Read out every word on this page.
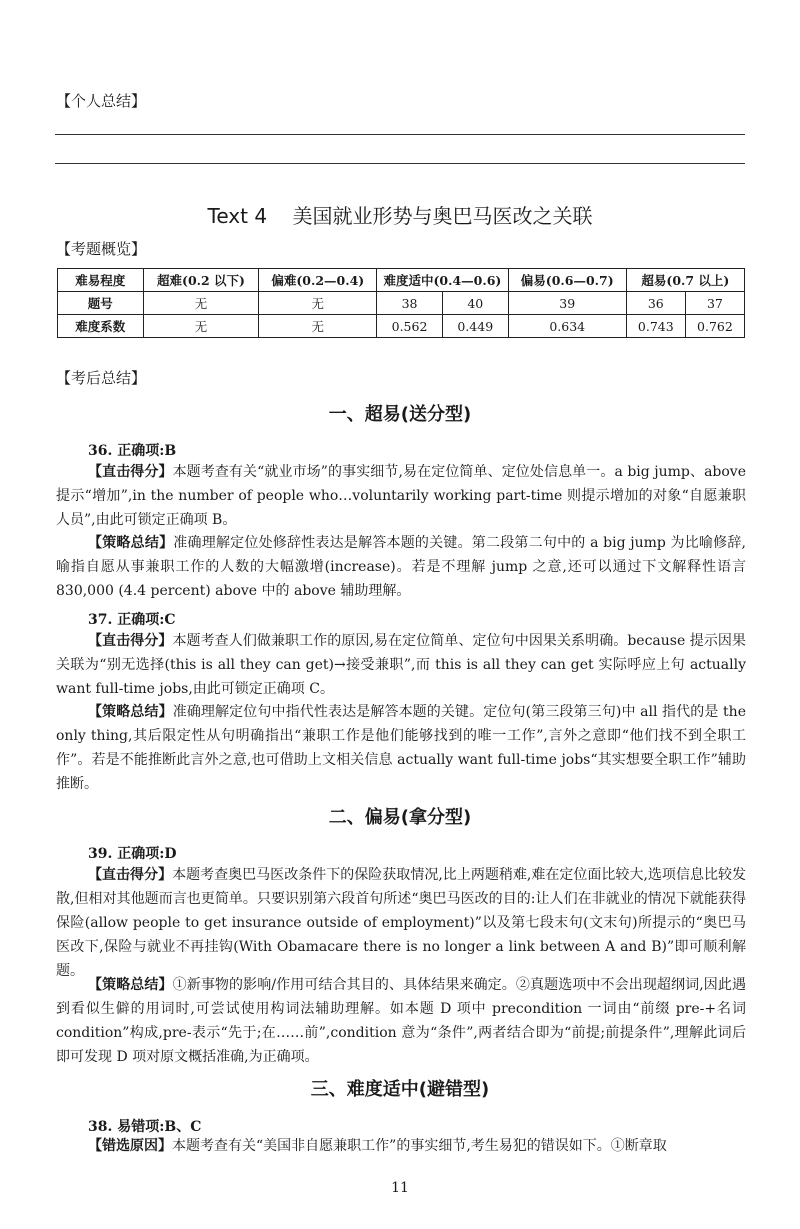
【个人总结】
Text 4    美国就业形势与奥巴马医改之关联
【考题概览】
难易程度	超难(0.2 以下)	偏难(0.2—0.4)	难度适中(0.4—0.6)		偏易(0.6—0.7)	超易(0.7 以上)	
题号	无	无	38	40	39	36	37
难度系数	无	无	0.562	0.449	0.634	0.743	0.762
【考后总结】
一、超易(送分型)
36. 正确项:B
【直击得分】本题考查有关“就业市场”的事实细节,易在定位简单、定位处信息单一。a big jump、above 提示“增加”,in the number of people who…voluntarily working part-time 则提示增加的对象“自愿兼职人员”,由此可锁定正确项 B。
【策略总结】准确理解定位处修辞性表达是解答本题的关键。第二段第二句中的 a big jump 为比喻修辞,喻指自愿从事兼职工作的人数的大幅激增(increase)。若是不理解 jump 之意,还可以通过下文解释性语言 830,000 (4.4 percent) above 中的 above 辅助理解。
37. 正确项:C
【直击得分】本题考查人们做兼职工作的原因,易在定位简单、定位句中因果关系明确。because 提示因果关联为“别无选择(this is all they can get)→接受兼职”,而 this is all they can get 实际呼应上句 actually want full-time jobs,由此可锁定正确项 C。
【策略总结】准确理解定位句中指代性表达是解答本题的关键。定位句(第三段第三句)中 all 指代的是 the only thing,其后限定性从句明确指出“兼职工作是他们能够找到的唯一工作”,言外之意即“他们找不到全职工作”。若是不能推断此言外之意,也可借助上文相关信息 actually want full-time jobs“其实想要全职工作”辅助推断。
二、偏易(拿分型)
39. 正确项:D
【直击得分】本题考查奥巴马医改条件下的保险获取情况,比上两题稍难,难在定位面比较大,选项信息比较发散,但相对其他题而言也更简单。只要识别第六段首句所述“奥巴马医改的目的:让人们在非就业的情况下就能获得保险(allow people to get insurance outside of employment)”以及第七段末句(文末句)所提示的“奥巴马医改下,保险与就业不再挂钩(With Obamacare there is no longer a link between A and B)”即可顺利解题。
【策略总结】①新事物的影响/作用可结合其目的、具体结果来确定。②真题选项中不会出现超纲词,因此遇到看似生僻的用词时,可尝试使用构词法辅助理解。如本题 D 项中 precondition 一词由“前缀 pre-+名词 condition”构成,pre-表示“先于;在……前”,condition 意为“条件”,两者结合即为“前提;前提条件”,理解此词后即可发现 D 项对原文概括准确,为正确项。
三、难度适中(避错型)
38. 易错项:B、C
【错选原因】本题考查有关“美国非自愿兼职工作”的事实细节,考生易犯的错误如下。①断章取
11
